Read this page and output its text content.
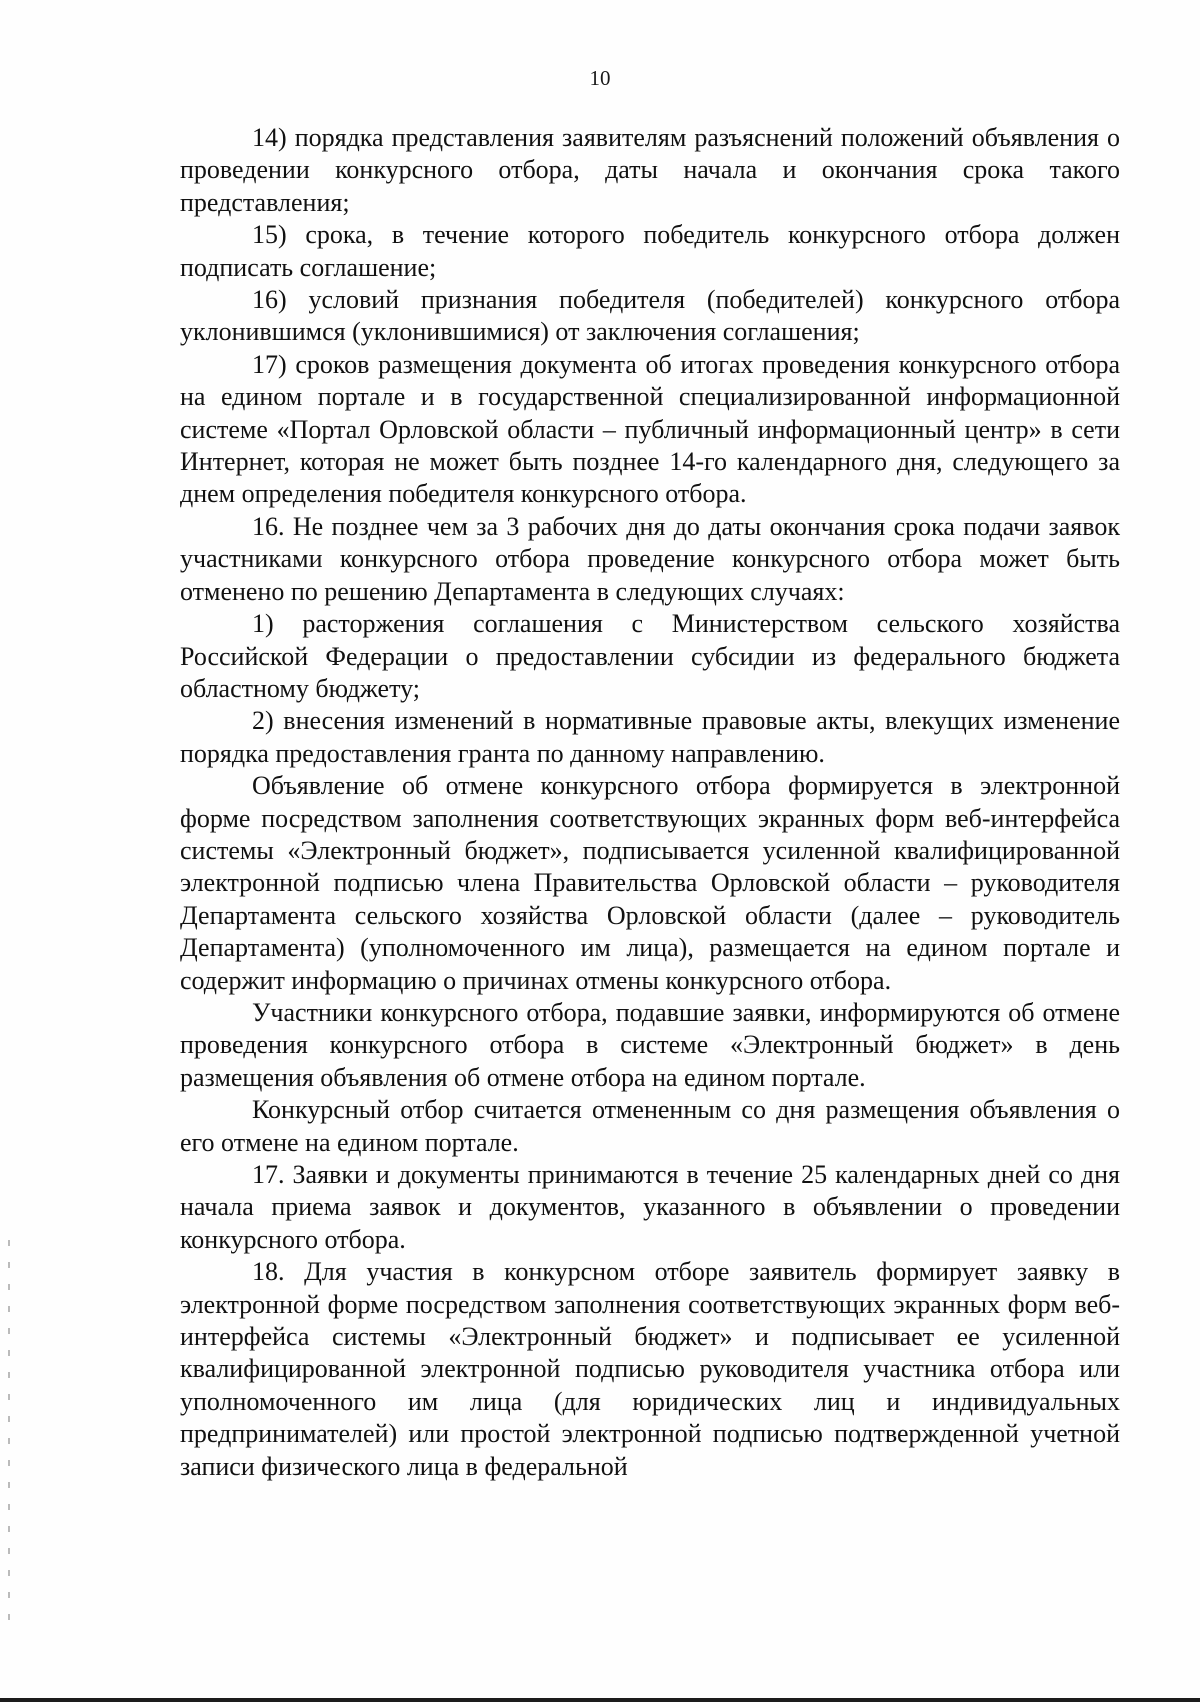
10

14) порядка представления заявителям разъяснений положений объявления о проведении конкурсного отбора, даты начала и окончания срока такого представления;

15) срока, в течение которого победитель конкурсного отбора должен подписать соглашение;

16) условий признания победителя (победителей) конкурсного отбора уклонившимся (уклонившимися) от заключения соглашения;

17) сроков размещения документа об итогах проведения конкурсного отбора на едином портале и в государственной специализированной информационной системе «Портал Орловской области – публичный информационный центр» в сети Интернет, которая не может быть позднее 14-го календарного дня, следующего за днем определения победителя конкурсного отбора.

16. Не позднее чем за 3 рабочих дня до даты окончания срока подачи заявок участниками конкурсного отбора проведение конкурсного отбора может быть отменено по решению Департамента в следующих случаях:

1) расторжения соглашения с Министерством сельского хозяйства Российской Федерации о предоставлении субсидии из федерального бюджета областному бюджету;

2) внесения изменений в нормативные правовые акты, влекущих изменение порядка предоставления гранта по данному направлению.

Объявление об отмене конкурсного отбора формируется в электронной форме посредством заполнения соответствующих экранных форм веб-интерфейса системы «Электронный бюджет», подписывается усиленной квалифицированной электронной подписью члена Правительства Орловской области – руководителя Департамента сельского хозяйства Орловской области (далее – руководитель Департамента) (уполномоченного им лица), размещается на едином портале и содержит информацию о причинах отмены конкурсного отбора.

Участники конкурсного отбора, подавшие заявки, информируются об отмене проведения конкурсного отбора в системе «Электронный бюджет» в день размещения объявления об отмене отбора на едином портале.

Конкурсный отбор считается отмененным со дня размещения объявления о его отмене на едином портале.

17. Заявки и документы принимаются в течение 25 календарных дней со дня начала приема заявок и документов, указанного в объявлении о проведении конкурсного отбора.

18. Для участия в конкурсном отборе заявитель формирует заявку в электронной форме посредством заполнения соответствующих экранных форм веб-интерфейса системы «Электронный бюджет» и подписывает ее усиленной квалифицированной электронной подписью руководителя участника отбора или уполномоченного им лица (для юридических лиц и индивидуальных предпринимателей) или простой электронной подписью подтвержденной учетной записи физического лица в федеральной
